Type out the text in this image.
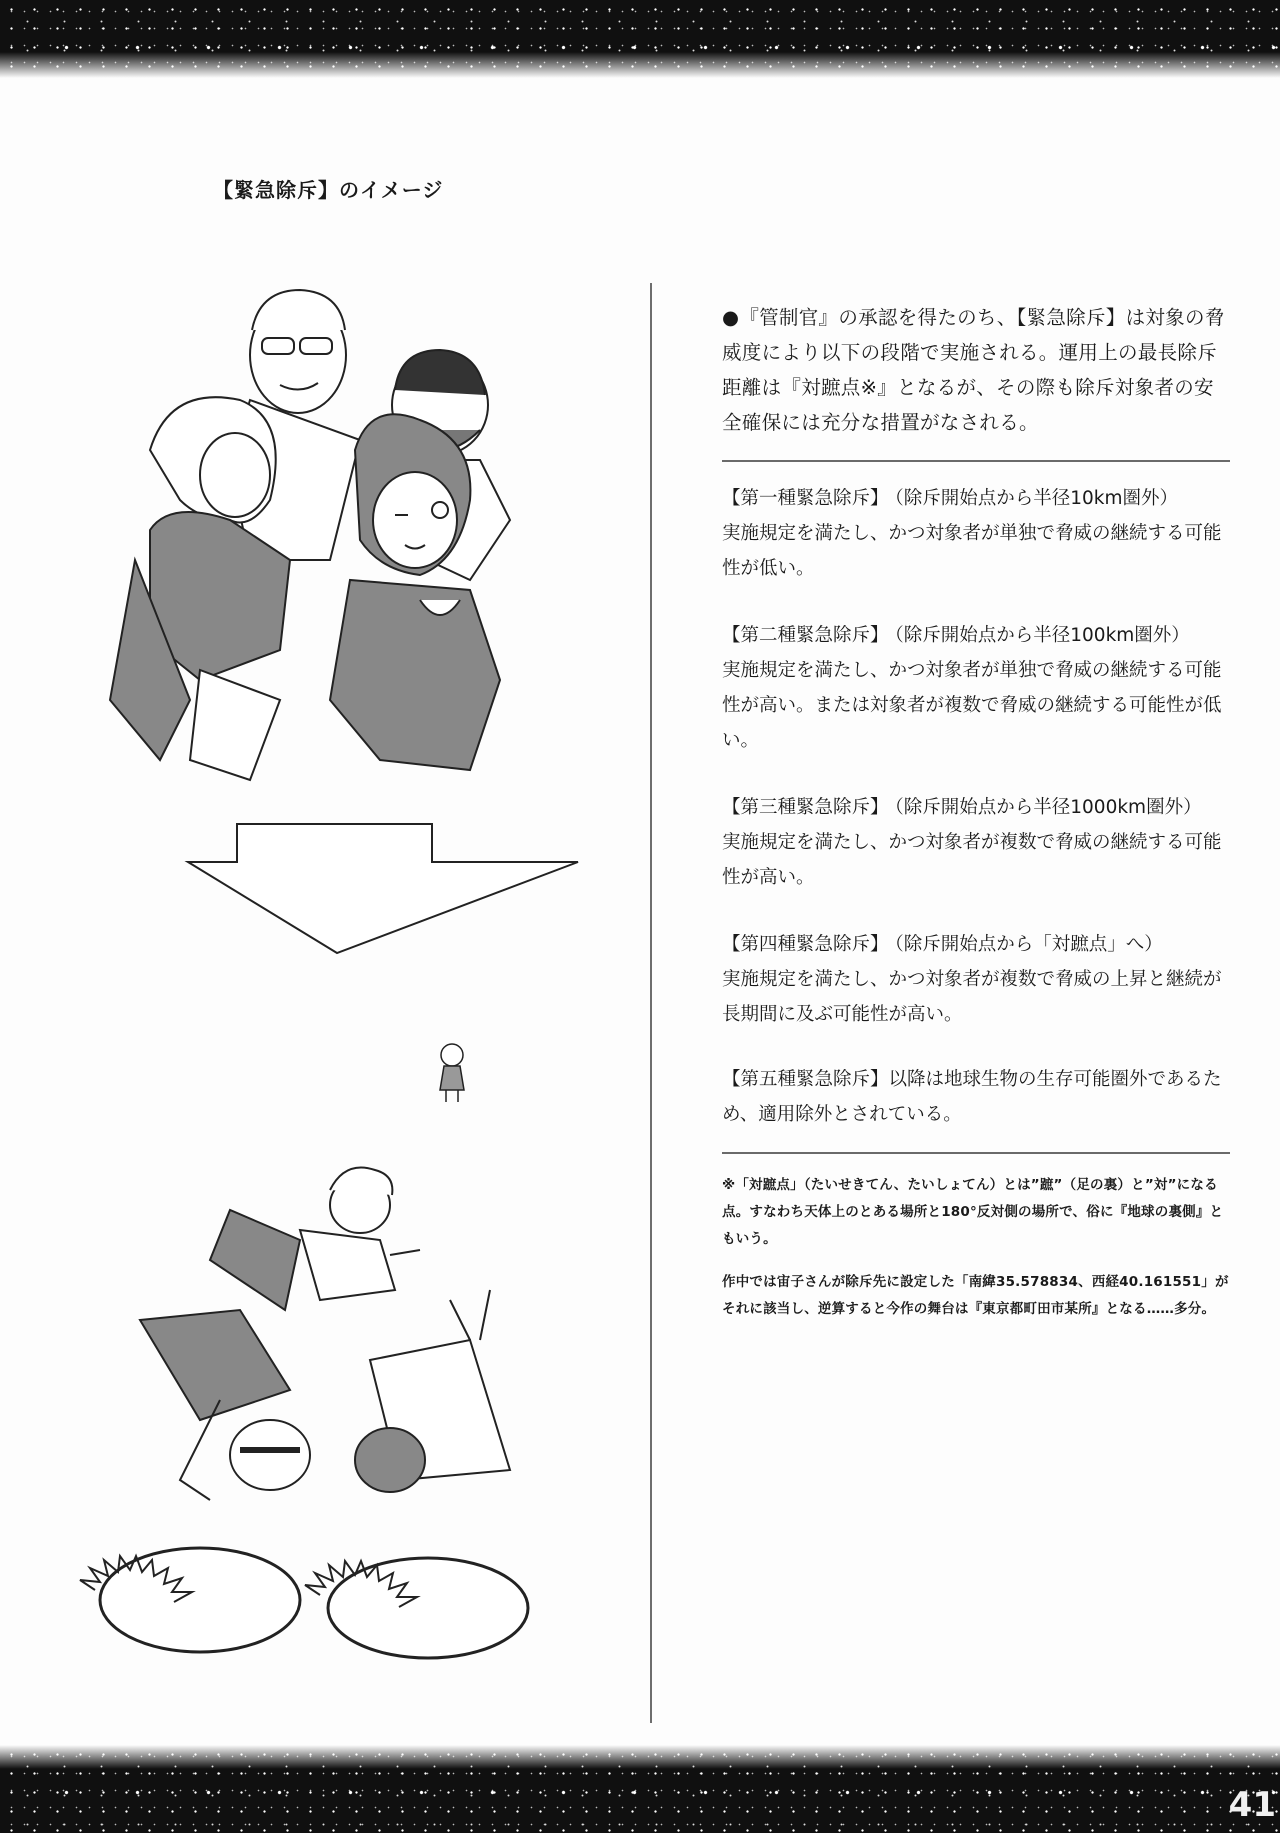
【緊急除斥】のイメージ

●『管制官』の承認を得たのち、【緊急除斥】は対象の脅威度により以下の段階で実施される。運用上の最長除斥距離は『対蹠点※』となるが、その際も除斥対象者の安全確保には充分な措置がなされる。

【第一種緊急除斥】 （除斥開始点から半径10km圏外）
実施規定を満たし、かつ対象者が単独で脅威の継続する可能性が低い。
【第二種緊急除斥】 （除斥開始点から半径100km圏外）
実施規定を満たし、かつ対象者が単独で脅威の継続する可能性が高い。または対象者が複数で脅威の継続する可能性が低い。
【第三種緊急除斥】 （除斥開始点から半径1000km圏外）
実施規定を満たし、かつ対象者が複数で脅威の継続する可能性が高い。
【第四種緊急除斥】 （除斥開始点から「対蹠点」へ）
実施規定を満たし、かつ対象者が複数で脅威の上昇と継続が長期間に及ぶ可能性が高い。

【第五種緊急除斥】以降は地球生物の生存可能圏外であるため、適用除外とされている。

※「対蹠点」（たいせきてん、たいしょてん）とは”蹠”（足の裏）と”対”になる点。すなわち天体上のとある場所と180°反対側の場所で、俗に『地球の裏側』ともいう。

作中では宙子さんが除斥先に設定した「南緯35.578834、西経40.161551」がそれに該当し、逆算すると今作の舞台は『東京都町田市某所』となる……多分。

41
